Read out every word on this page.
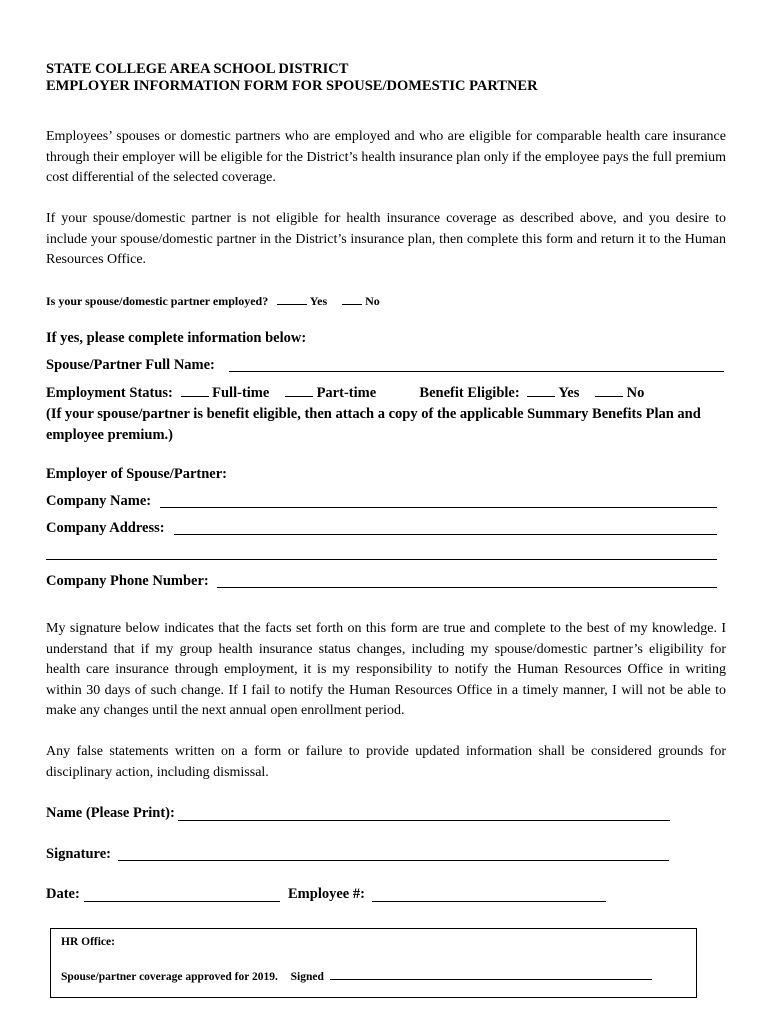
STATE COLLEGE AREA SCHOOL DISTRICT
EMPLOYER INFORMATION FORM FOR SPOUSE/DOMESTIC PARTNER
Employees’ spouses or domestic partners who are employed and who are eligible for comparable health care insurance through their employer will be eligible for the District’s health insurance plan only if the employee pays the full premium cost differential of the selected coverage.
If your spouse/domestic partner is not eligible for health insurance coverage as described above, and you desire to include your spouse/domestic partner in the District’s insurance plan, then complete this form and return it to the Human Resources Office.
Is your spouse/domestic partner employed?	Yes	No
If yes, please complete information below:
Spouse/Partner Full Name:
Employment Status:	Full-time	Part-time	Benefit Eligible:	Yes	No
(If your spouse/partner is benefit eligible, then attach a copy of the applicable Summary Benefits Plan and employee premium.)
Employer of Spouse/Partner:
Company Name:
Company Address:
Company Phone Number:
My signature below indicates that the facts set forth on this form are true and complete to the best of my knowledge. I understand that if my group health insurance status changes, including my spouse/domestic partner’s eligibility for health care insurance through employment, it is my responsibility to notify the Human Resources Office in writing within 30 days of such change. If I fail to notify the Human Resources Office in a timely manner, I will not be able to make any changes until the next annual open enrollment period.
Any false statements written on a form or failure to provide updated information shall be considered grounds for disciplinary action, including dismissal.
Name (Please Print):
Signature:
Date:	Employee #:
HR Office:
Spouse/partner coverage approved for 2019. Signed
